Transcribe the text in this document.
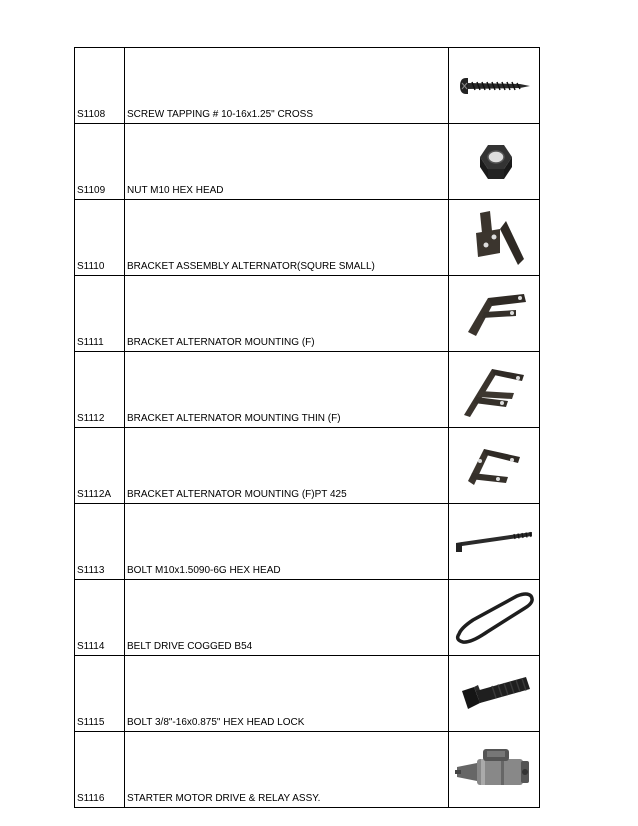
S1108	SCREW TAPPING # 10-16x1.25" CROSS	

S1109	NUT M10 HEX HEAD	

S1110	BRACKET ASSEMBLY ALTERNATOR(SQURE SMALL)	

S1111	BRACKET ALTERNATOR MOUNTING (F)	

S1112	BRACKET ALTERNATOR MOUNTING THIN (F)	

S1112A	BRACKET ALTERNATOR MOUNTING (F)PT 425	

S1113	BOLT M10x1.5090-6G HEX HEAD	

S1114	BELT DRIVE COGGED B54	

S1115	BOLT 3/8"-16x0.875" HEX HEAD LOCK	

S1116	STARTER MOTOR DRIVE & RELAY ASSY.	
